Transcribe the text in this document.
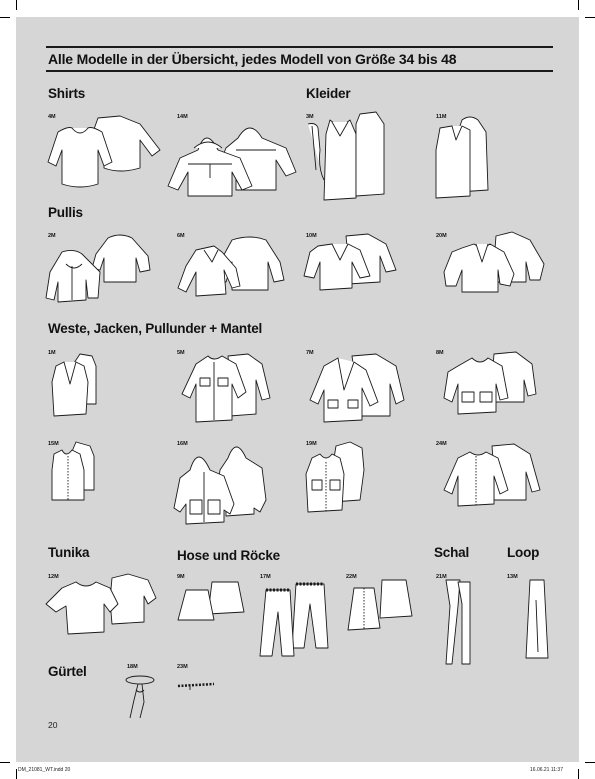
Alle Modelle in der Übersicht, jedes Modell von Größe 34 bis 48
Shirts	Kleider
Pullis
Weste, Jacken, Pullunder + Mantel
Tunika	Hose und Röcke	Schal	Loop
Gürtel
4M	14M	3M	11M
2M	6M	10M	20M
1M	5M	7M	8M
15M	16M	19M	24M
12M	9M	17M	22M	21M	13M
18M	23M
20
DM_21081_WT.indd 20	16.06.21 11:37
